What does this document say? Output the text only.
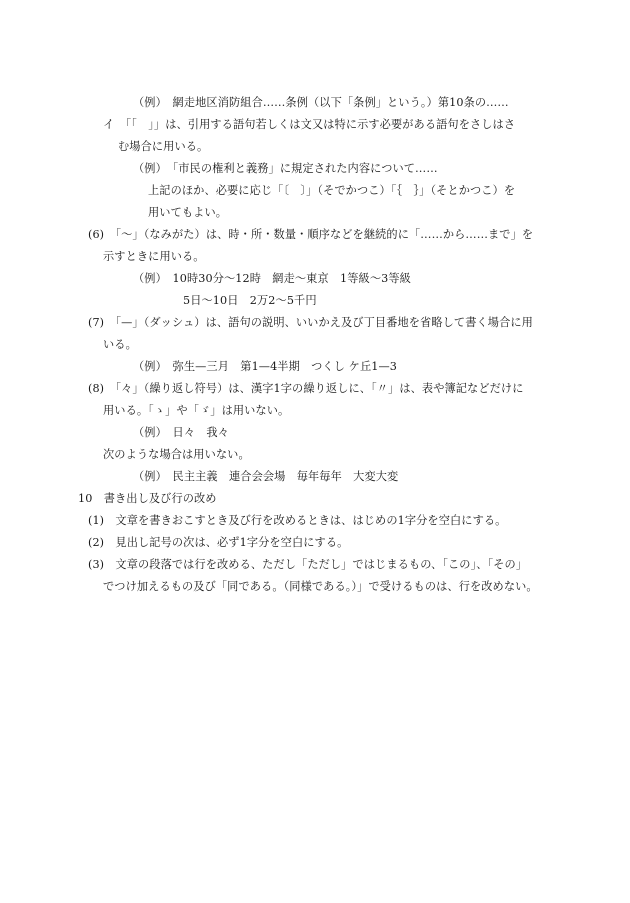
（例）　網走地区消防組合……条例（以下「条例」という。）第10条の……
イ　「「　」」は、引用する語句若しくは文又は特に示す必要がある語句をさしはさ
む場合に用いる。
（例）　「市民の権利と義務」に規定された内容について……
上記のほか、必要に応じ「〔　〕」（そでかつこ）「｛　｝」（そとかつこ）を
用いてもよい。
(6)　「〜」（なみがた）は、時・所・数量・順序などを継続的に「……から……まで」を
示すときに用いる。
（例）　10時30分〜12時　網走〜東京　1等級〜3等級
5日〜10日　2万2〜5千円
(7)　「—」（ダッシュ）は、語句の説明、いいかえ及び丁目番地を省略して書く場合に用
いる。
（例）　弥生—三月　第1—4半期　つくし ケ丘1—3
(8)　「々」（繰り返し符号）は、漢字1字の繰り返しに、「〃」は、表や簿記などだけに
用いる。「ゝ」や「ゞ」は用いない。
（例）　日々　我々
次のような場合は用いない。
（例）　民主主義　連合会会場　毎年毎年　大変大変
10　書き出し及び行の改め
(1)　文章を書きおこすとき及び行を改めるときは、はじめの1字分を空白にする。
(2)　見出し記号の次は、必ず1字分を空白にする。
(3)　文章の段落では行を改める、ただし「ただし」ではじまるもの、「この」、「その」
でつけ加えるもの及び「同である。（同様である。）」で受けるものは、行を改めない。
